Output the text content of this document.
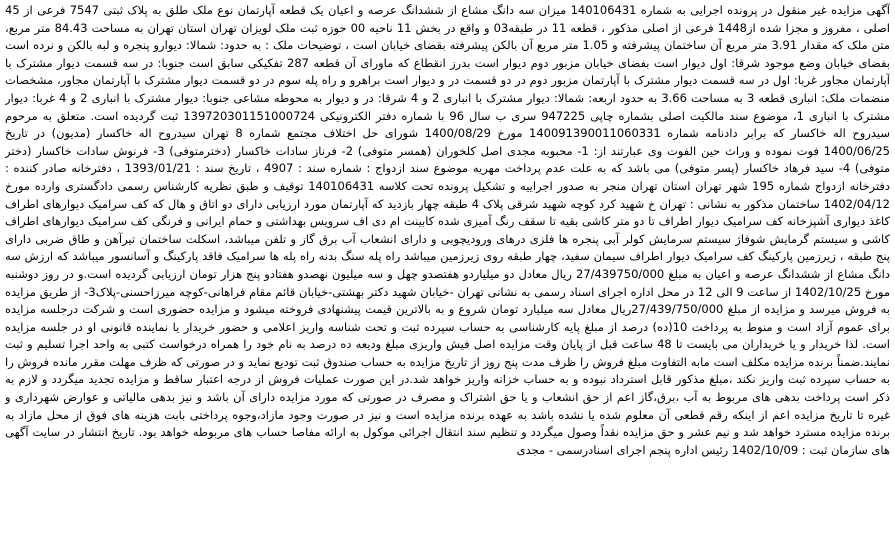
آگهی مزایده غیر منقول در پرونده اجرایی به شماره 140106431 میزان سه دانگ مشاع از ششدانگ عرصه و اعیان یک قطعه آپارتمان نوع ملک طلق به پلاک ثبتی 7547 فرعی از 45 اصلی ، مفروز و مجزا شده از1448 فرعی از اصلی مذکور ، قطعه 11 در طبقه03 و واقع در بخش 11 ناحیه 00 حوزه ثبت ملک لویزان تهران استان تهران به مساحت 84.43 متر مربع، متن ملک که مقدار 3.91 متر مربع آن ساختمان پیشرفته و 1.05 متر مربع آن بالکن پیشرفته بقضای خیابان است ، توضیحات ملک : به حدود: شمالا: دیوارو پنجره و لبه بالکن و نرده است بفضای خیابان وضع موجود شرقا: اول دیوار است بفضای خیابان مزبور دوم دیوار است بدرز انقطاع که ماورای آن قطعه 287 تفکیکی سابق است جنوبا: در سه قسمت دیوار مشترک با آپارتمان مجاور غربا: اول در سه قسمت دیوار مشترک با آپارتمان مزبور دوم در دو قسمت در و دیوار است براهرو و راه پله سوم در دو قسمت دیوار مشترک با آپارتمان مجاور، مشخصات منضمات ملک: انباری قطعه 3 به مساحت 3.66 به حدود اربعه: شمالا: دیوار مشترک با انباری 2 و 4 شرقا: در و دیوار به محوطه مشاعی جنوبا: دیوار مشترک با انباری 2 و 4 غربا: دیوار مشترک با انباری 1، موضوع سند مالکیت اصلی بشماره چاپی 947225 سری ب سال 96 با شماره دفتر الکترونیکی 139720301151000724 ثبت گردیده است. متعلق به مرحوم سیدروح اله خاکسار که برابر دادنامه شماره 140091390011060331 مورخ 1400/08/29 شورای حل اختلاف مجتمع شماره 8 تهران سیدروح اله خاکسار (مدیون) در تاریخ 1400/06/25 فوت نموده و وراث حین الفوت وی عبارتند از: 1- محبوبه مجدی اصل کلخوران (همسر متوفی) 2- فرناز سادات خاکسار (دخترمتوفی) 3- فرنوش سادات خاکسار (دختر متوفی) 4- سید فرهاد خاکسار (پسر متوفی) می باشد که به علت عدم پرداخت مهریه موضوع سند ازدواج : شماره سند : 4907 ، تاریخ سند : 1393/01/21 ، دفترخانه صادر کننده : دفترخانه ازدواج شماره 195 شهر تهران استان تهران منجر به صدور اجراییه و تشکیل پرونده تحت کلاسه 140106431 توقیف و طبق نظریه کارشناس رسمی دادگستری وارده مورخ 1402/04/12 ساختمان مذکور به نشانی : تهران خ شهید کرد کوچه شهید شرقی پلاک 4 طبقه چهار بازدید که آپارتمان مورد ارزیابی دارای دو اتاق و هال که کف سرامیک دیوارهای اطراف کاغذ دیواری آشپزخانه کف سرامیک دیوار اطراف تا دو متر کاشی بقیه تا سقف رنگ آمیزی شده کابینت ام دی اف سرویس بهداشتی و حمام ایرانی و فرنگی کف سرامیک دیوارهای اطراف کاشی و سیستم گرمایش شوفاژ سیستم سرمایش کولر آبی پنجره ها فلزی درهای ورودیچوبی و دارای انشعاب آب برق گاز و تلفن میباشد، اسکلت ساختمان تیرآهن و طاق ضربی دارای پنج طبقه ، زیرزمین پارکینگ کف سرامیک دیوار اطراف سیمان سفید، چهار طبقه روی زیرزمین میباشد راه پله سنگ بدنه راه پله ها سرامیک فاقد پارکینگ و آسانسور میباشد که ارزش سه دانگ مشاع از ششدانگ عرصه و اعیان به مبلغ 27/439750/000 ریال معادل دو میلیاردو هفتصدو چهل و سه میلیون نهصدو هفتادو پنج هزار تومان ارزیابی گردیده است.و در روز دوشنبه مورخ 1402/10/25 از ساعت 9 الی 12 در محل اداره اجرای اسناد رسمی به نشانی تهران -خیابان شهید دکتر بهشتی-خیابان قائم مقام فراهانی-کوچه میرزاحسنی-پلاک3- از طریق مزایده به فروش میرسد و مزایده از مبلغ 27/439/750/000ریال معادل سه میلیارد تومان شروع و به بالاترین قیمت پیشنهادی فروخته میشود و مزایده حضوری است و شرکت درجلسه مزایده برای عموم آزاد است و منوط به پرداخت 10(ده) درصد از مبلغ پایه کارشناسی به حساب سپرده ثبت و تحت شناسه واریز اعلامی و حضور خریدار یا نماینده قانونی او در جلسه مزایده است. لذا خریدار و یا خریداران می بایست تا 48 ساعت قبل از پایان وقت مزایده اصل فیش واریزی مبلغ ودیعه ده درصد به نام خود را همراه درخواست کتبی به واحد اجرا تسلیم و ثبت نمایند.ضمناً برنده مزایده مکلف است مابه التفاوت مبلغ فروش را ظرف مدت پنج روز از تاریخ مزایده به حساب صندوق ثبت تودیع نماید و در صورتی که ظرف مهلت مقرر مانده فروش را به حساب سپرده ثبت واریز نکند ،مبلغ مذکور قابل استرداد نبوده و به حساب خزانه واریز خواهد شد.در این صورت عملیات فروش از درجه اعتبار ساقط و مزایده تجدید میگردد و لازم به ذکر است پرداخت بدهی های مربوط به آب ،برق،گاز اعم از حق انشعاب و یا حق اشتراک و مصرف در صورتی که مورد مزایده دارای آن باشد و نیز بدهی مالیاتی و عوارض شهرداری و غیره تا تاریخ مزایده اعم از اینکه رقم قطعی آن معلوم شده یا نشده باشد به عهده برنده مزایده است و نیز در صورت وجود مازاد،وجوه پرداختی بابت هزینه های فوق از محل مازاد به برنده مزایده مسترد خواهد شد و نیم عشر و حق مزایده نقداً وصول میگردد و تنظیم سند انتقال اجرائی موکول به ارائه مفاصا حساب های مربوطه خواهد بود. تاریخ انتشار در سایت آگهی های سازمان ثبت : 1402/10/09 رئیس اداره پنجم اجرای اسنادرسمی - مجدی
